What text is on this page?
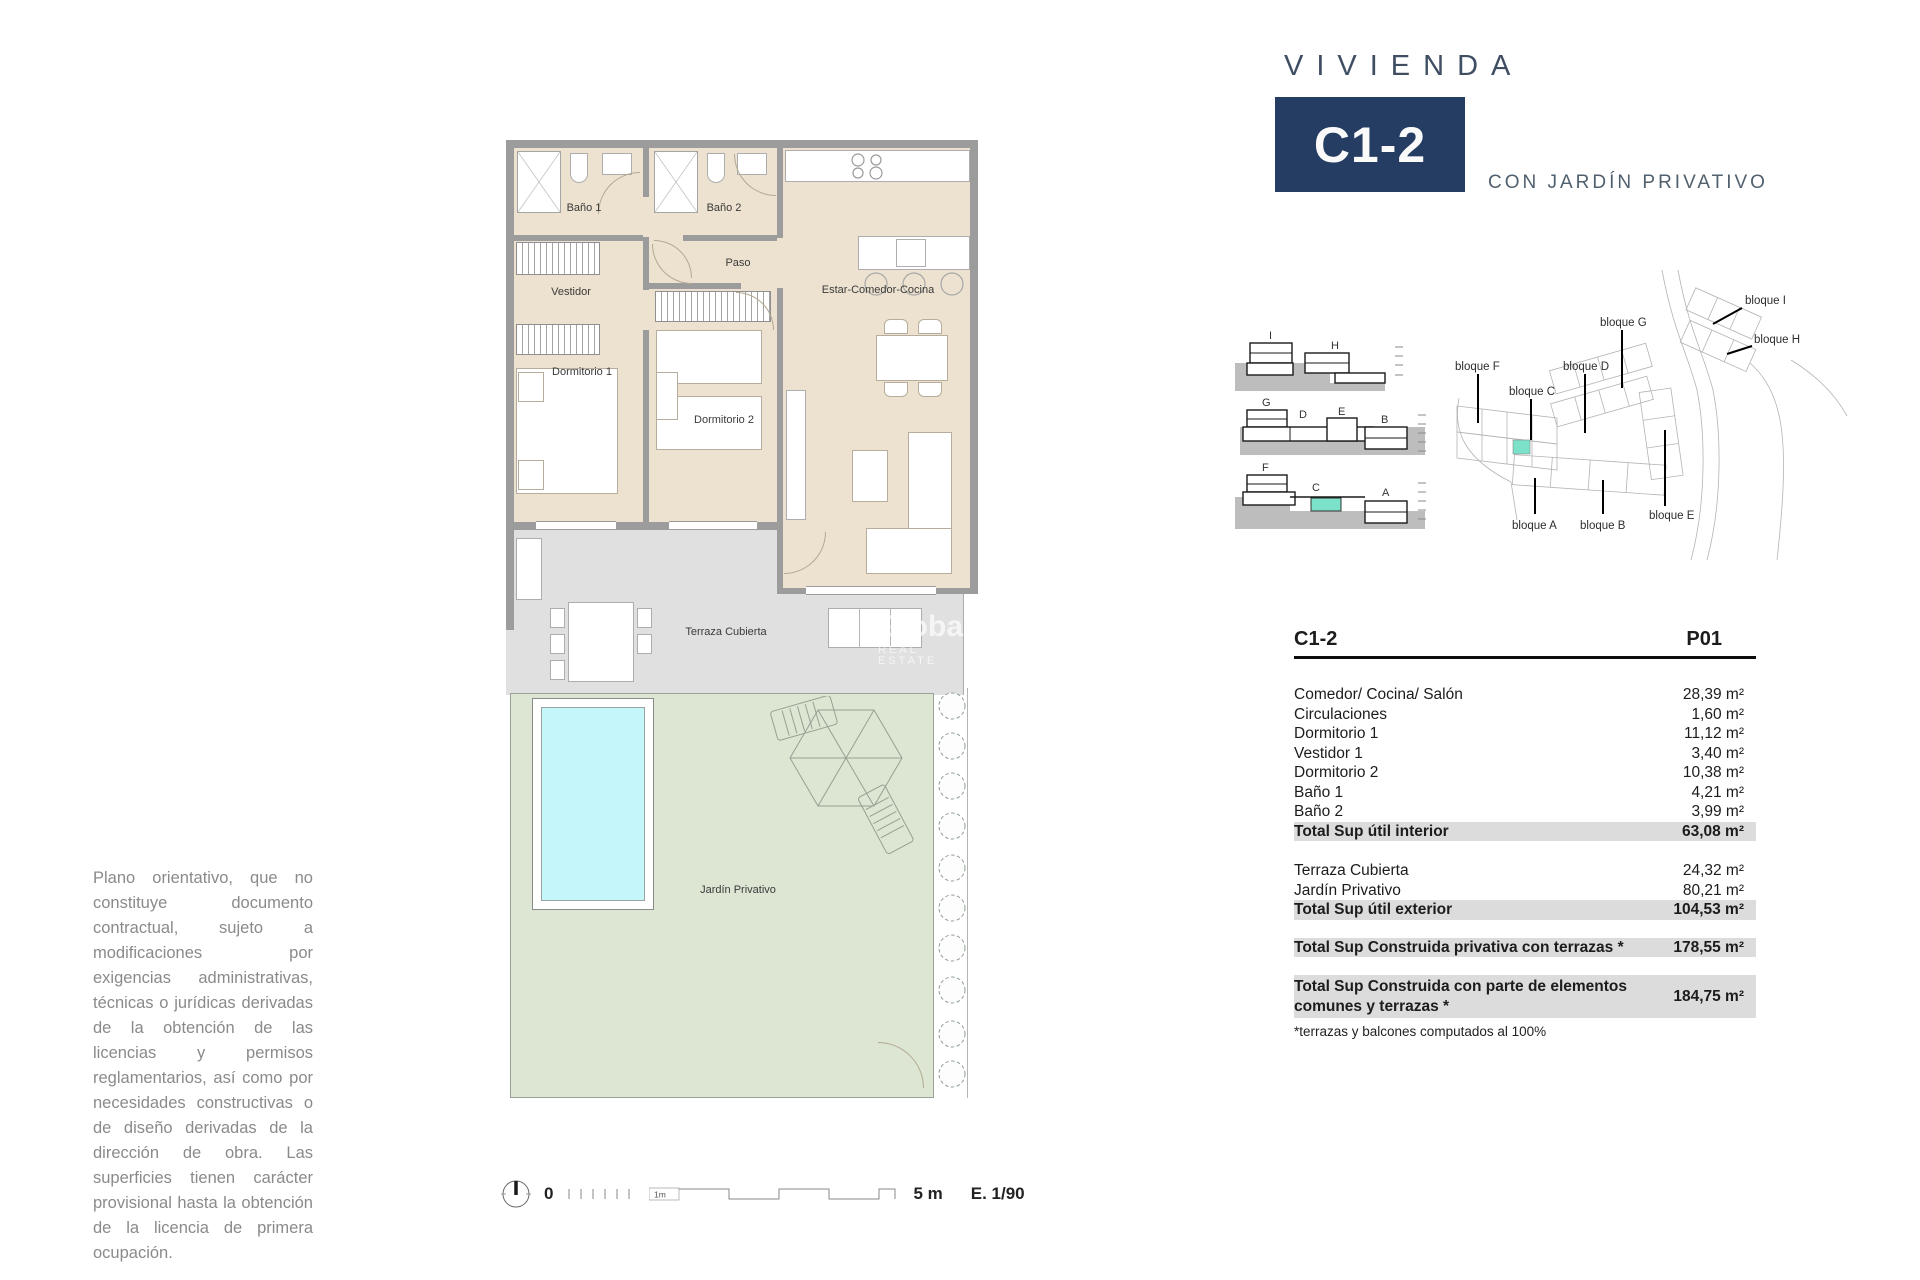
VIVIENDA
C1-2
CON JARDÍN PRIVATIVO
Plano orientativo, que no constituye documento contractual, sujeto a modificaciones por exigencias administrativas, técnicas o jurídicas derivadas de la obtención de las licencias y permisos reglamentarios, así como por necesidades constructivas o de diseño derivadas de la dirección de obra. Las superficies tienen carácter provisional hasta la obtención de la licencia de primera ocupación.
Baño 1	Baño 2
Paso
Vestidor	Estar-Comedor-Cocina
Dormitorio 1
Dormitorio 2
Terraza Cubierta
Jardín Privativo
Global
REAL ESTATE
I
H
G
D	E
B
F
C	A
bloque F
bloque C
bloque D
bloque G
bloque I
bloque H
bloque A bloque B
bloque E
C1-2	P01
Comedor/ Cocina/ Salón	28,39 m²
Circulaciones	1,60 m²
Dormitorio 1	11,12 m²
Vestidor 1	3,40 m²
Dormitorio 2	10,38 m²
Baño 1	4,21 m²
Baño 2	3,99 m²
Total Sup útil interior	63,08 m²
Terraza Cubierta	24,32 m²
Jardín Privativo	80,21 m²
Total Sup útil exterior	104,53 m²
Total Sup Construida privativa con terrazas *	178,55 m²
Total Sup Construida con parte de elementos comunes y terrazas *
184,75 m²
*terrazas y balcones computados al 100%
0	1m	5 m E. 1/90
